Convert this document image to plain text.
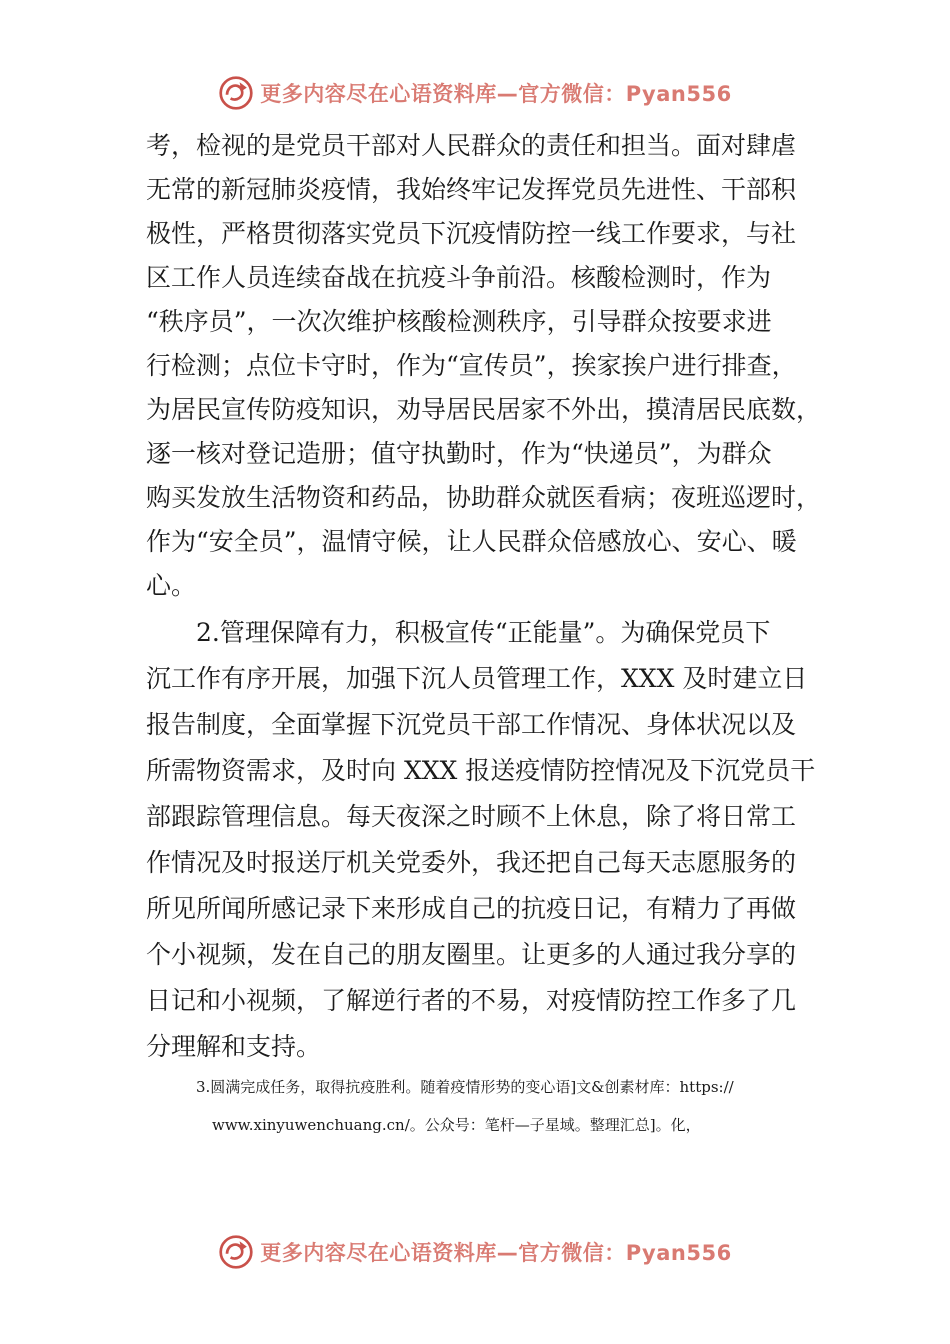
更多内容尽在心语资料库—官方微信：Pyan556
考，检视的是党员干部对人民群众的责任和担当。面对肆虐
无常的新冠肺炎疫情，我始终牢记发挥党员先进性、干部积
极性，严格贯彻落实党员下沉疫情防控一线工作要求，与社
区工作人员连续奋战在抗疫斗争前沿。核酸检测时，作为
“秩序员”，一次次维护核酸检测秩序，引导群众按要求进
行检测；点位卡守时，作为“宣传员”，挨家挨户进行排查，
为居民宣传防疫知识，劝导居民居家不外出，摸清居民底数，
逐一核对登记造册；值守执勤时，作为“快递员”，为群众
购买发放生活物资和药品，协助群众就医看病；夜班巡逻时，
作为“安全员”，温情守候，让人民群众倍感放心、安心、暖
心。
2.管理保障有力，积极宣传“正能量”。为确保党员下
沉工作有序开展，加强下沉人员管理工作，XXX 及时建立日
报告制度，全面掌握下沉党员干部工作情况、身体状况以及
所需物资需求，及时向 XXX 报送疫情防控情况及下沉党员干
部跟踪管理信息。每天夜深之时顾不上休息，除了将日常工
作情况及时报送厅机关党委外，我还把自己每天志愿服务的
所见所闻所感记录下来形成自己的抗疫日记，有精力了再做
个小视频，发在自己的朋友圈里。让更多的人通过我分享的
日记和小视频，了解逆行者的不易，对疫情防控工作多了几
分理解和支持。
3.圆满完成任务，取得抗疫胜利。随着疫情形势的变心语]文&创素材库：https://
www.xinyuwenchuang.cn/。公众号：笔杆—子星域。整理汇总]。化，
更多内容尽在心语资料库—官方微信：Pyan556
